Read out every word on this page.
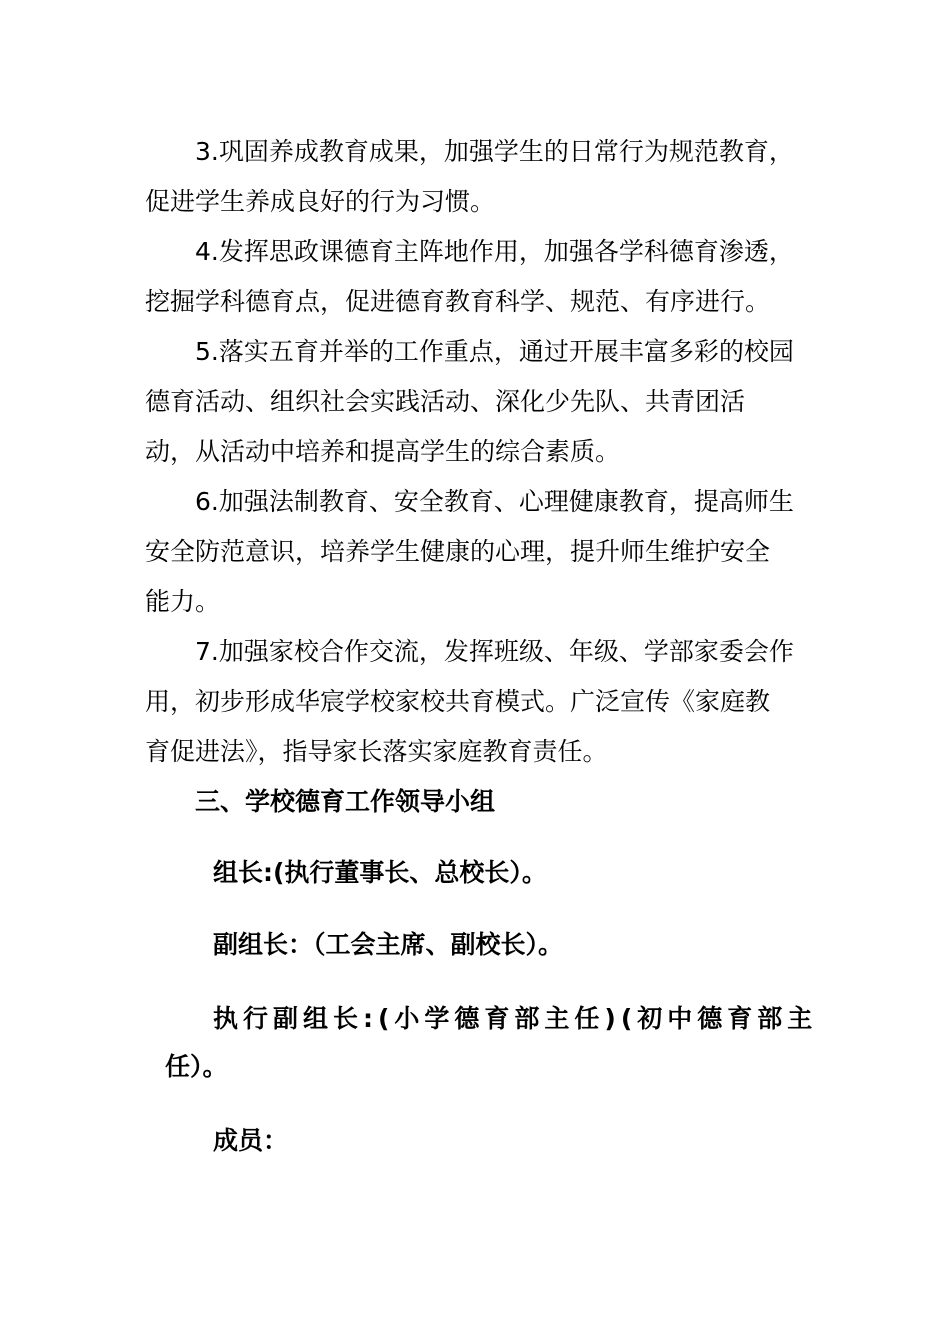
3.巩固养成教育成果，加强学生的日常行为规范教育，
促进学生养成良好的行为习惯。
4.发挥思政课德育主阵地作用，加强各学科德育渗透，
挖掘学科德育点，促进德育教育科学、规范、有序进行。
5.落实五育并举的工作重点，通过开展丰富多彩的校园
德育活动、组织社会实践活动、深化少先队、共青团活
动，从活动中培养和提高学生的综合素质。
6.加强法制教育、安全教育、心理健康教育，提高师生
安全防范意识，培养学生健康的心理，提升师生维护安全
能力。
7.加强家校合作交流，发挥班级、年级、学部家委会作
用，初步形成华宸学校家校共育模式。广泛宣传《家庭教
育促进法》，指导家长落实家庭教育责任。
三、学校德育工作领导小组
组长:(执行董事长、总校长）。
副组长：（工会主席、副校长）。
执行副组长:(小学德育部主任)(初中德育部主
任）。
成员：
